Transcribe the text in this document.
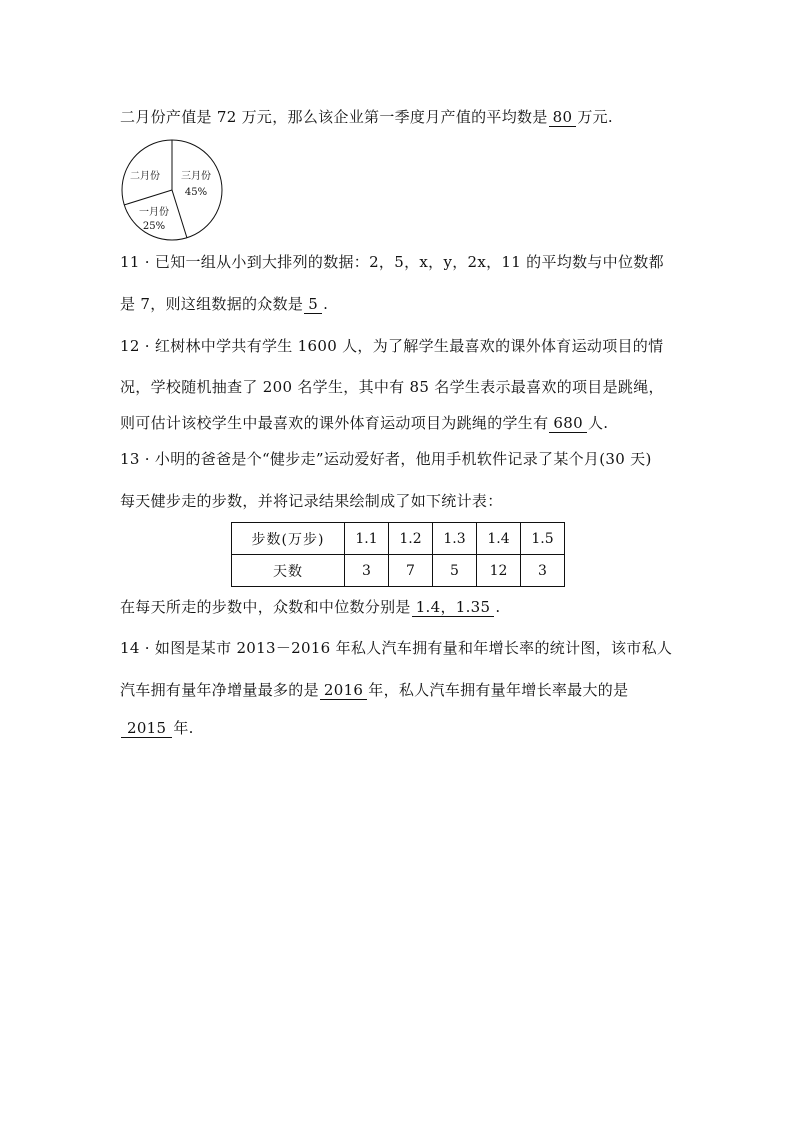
二月份产值是 72 万元，那么该企业第一季度月产值的平均数是 80 万元.
三月份
45%
一月份
25%
二月份
11 · 已知一组从小到大排列的数据：2，5，x，y，2x，11 的平均数与中位数都
是 7，则这组数据的众数是 5 .
12 · 红树林中学共有学生 1600 人，为了解学生最喜欢的课外体育运动项目的情
况，学校随机抽查了 200 名学生，其中有 85 名学生表示最喜欢的项目是跳绳，
则可估计该校学生中最喜欢的课外体育运动项目为跳绳的学生有 680 人.
13 · 小明的爸爸是个“健步走”运动爱好者，他用手机软件记录了某个月(30 天)
每天健步走的步数，并将记录结果绘制成了如下统计表：
步数(万步)	1.1	1.2	1.3	1.4	1.5
天数	3	7	5	12	3
在每天所走的步数中，众数和中位数分别是 1.4，1.35 .
14 · 如图是某市 2013－2016 年私人汽车拥有量和年增长率的统计图，该市私人
汽车拥有量年净增量最多的是 2016 年，私人汽车拥有量年增长率最大的是
2015 年.
